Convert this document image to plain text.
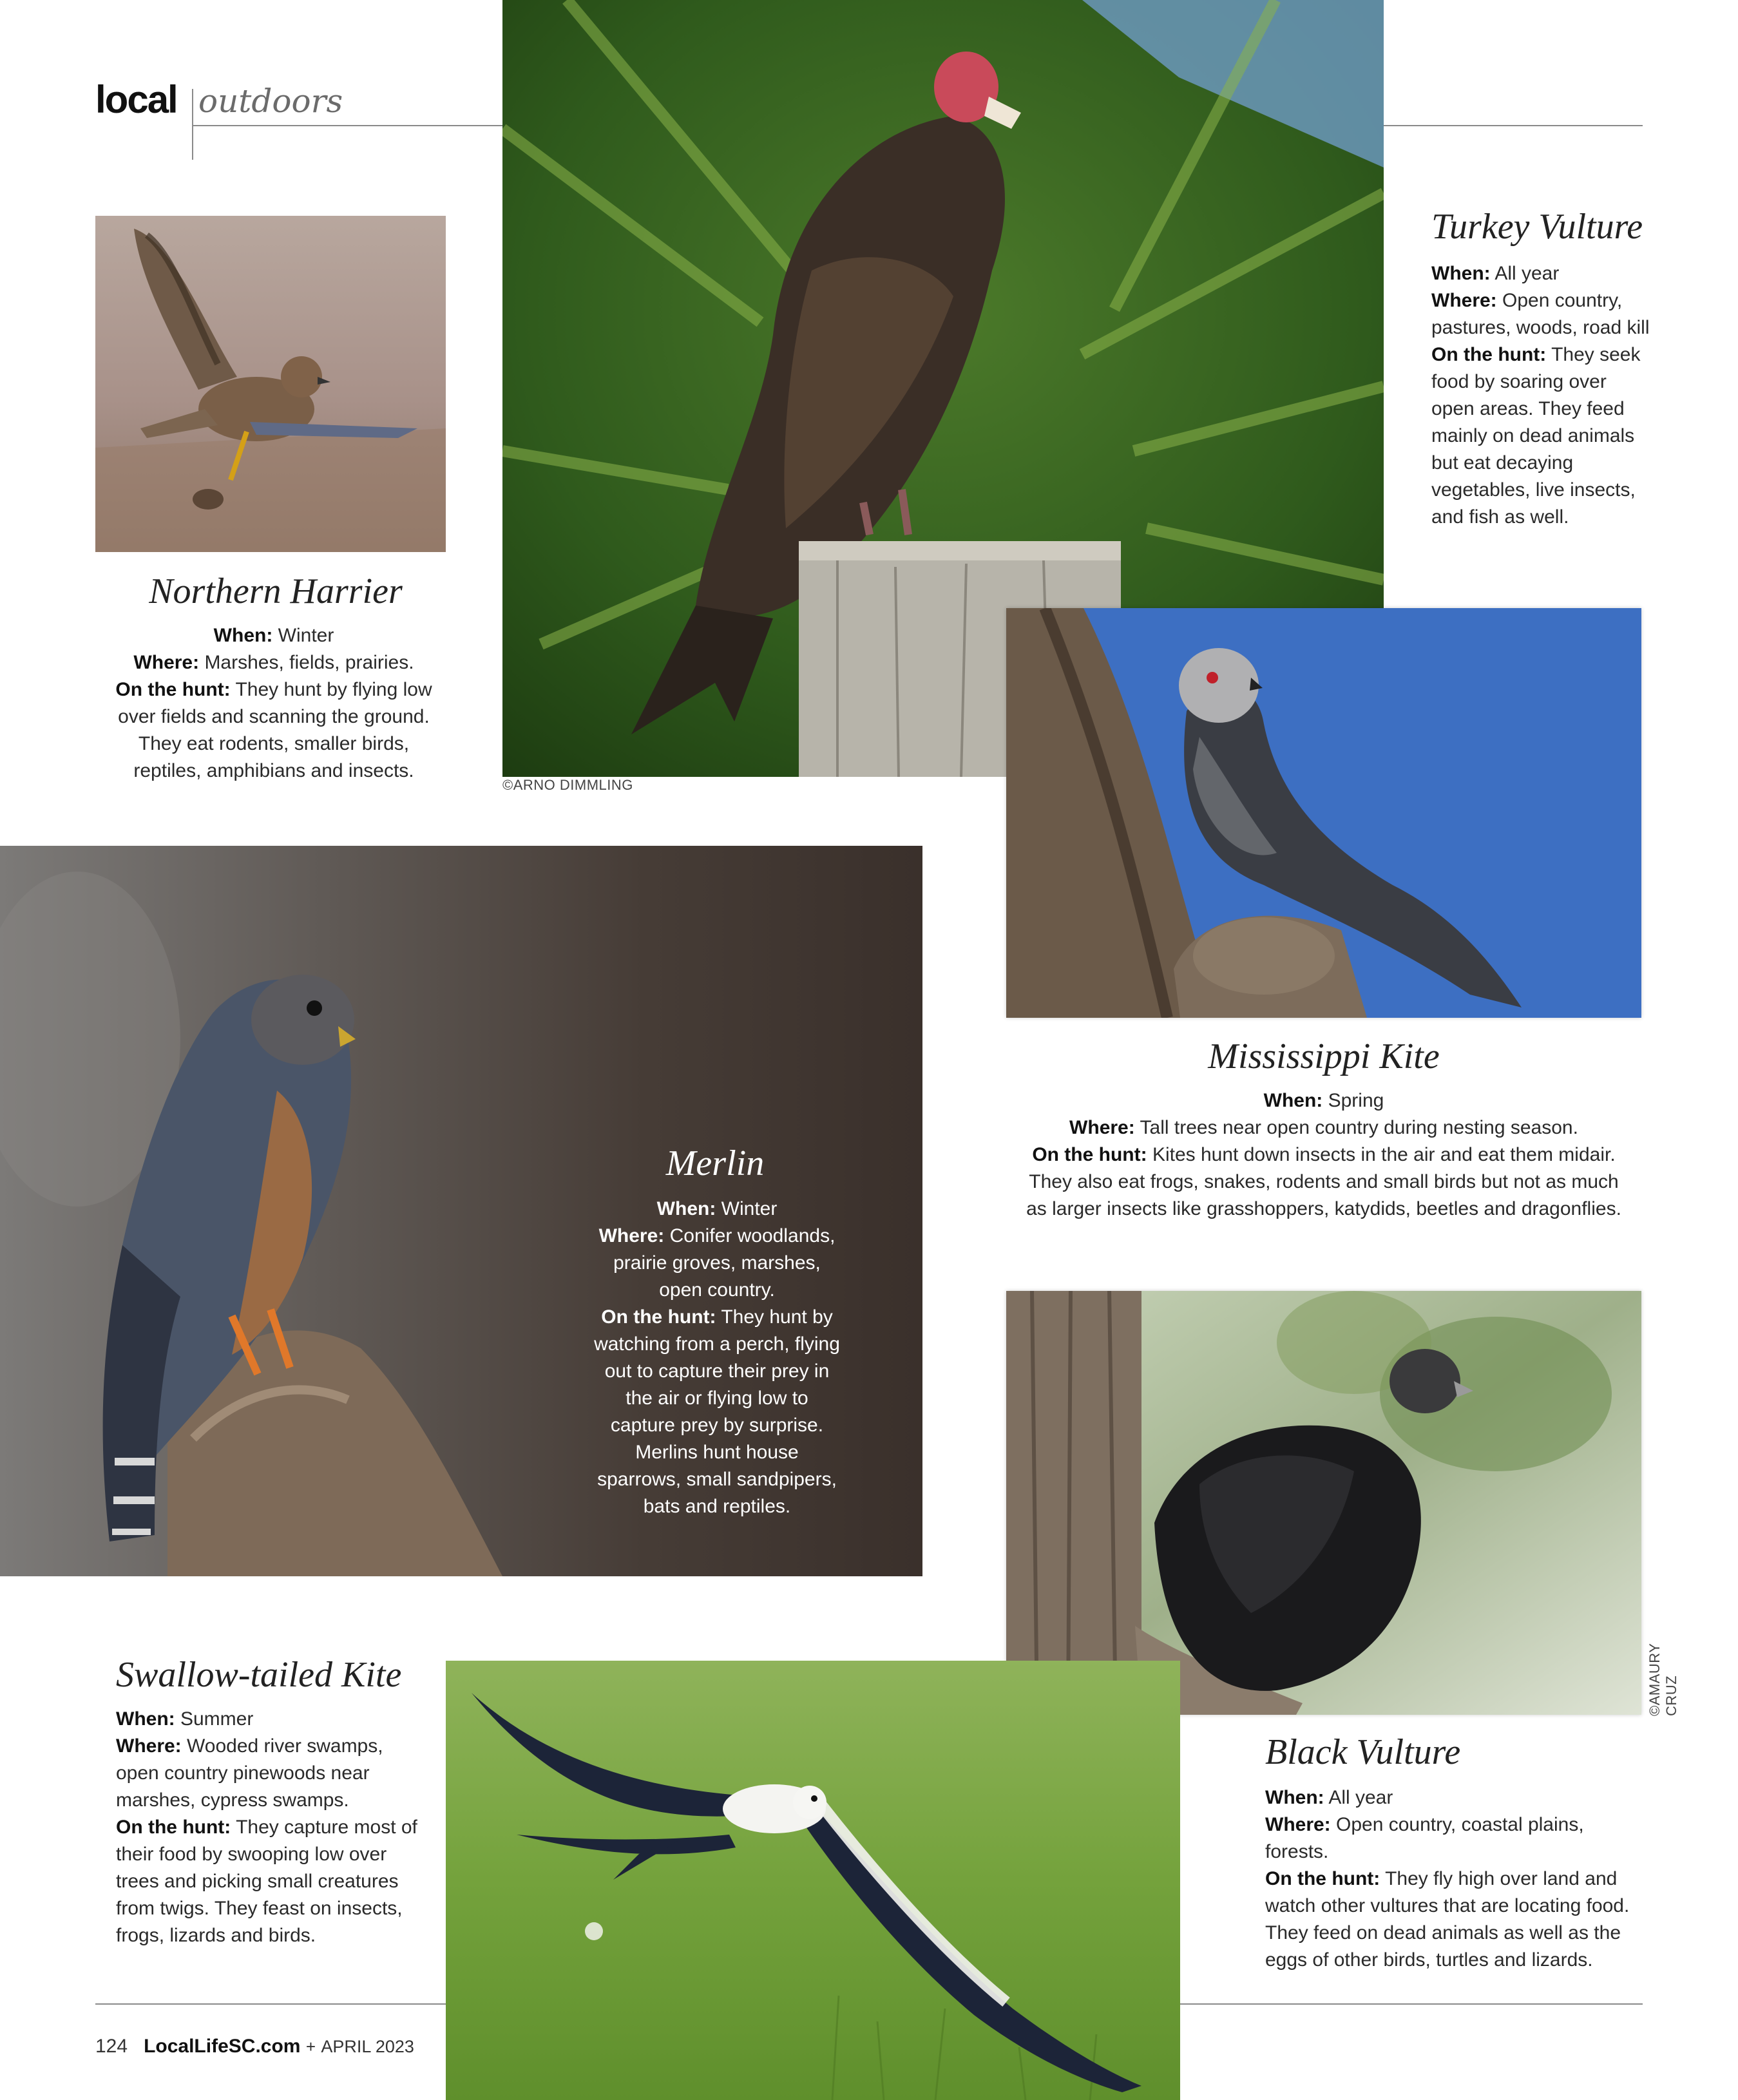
local outdoors
Northern Harrier
When: Winter
Where: Marshes, fields, prairies.
On the hunt: They hunt by flying low over fields and scanning the ground. They eat rodents, smaller birds, reptiles, amphibians and insects.
©ARNO DIMMLING
Turkey Vulture
When: All year
Where: Open country, pastures, woods, road kill
On the hunt: They seek food by soaring over open areas. They feed mainly on dead animals but eat decaying vegetables, live insects, and fish as well.
Mississippi Kite
When: Spring
Where: Tall trees near open country during nesting season.
On the hunt: Kites hunt down insects in the air and eat them midair. They also eat frogs, snakes, rodents and small birds but not as much as larger insects like grasshoppers, katydids, beetles and dragonflies.
Merlin
When: Winter
Where: Conifer woodlands, prairie groves, marshes, open country.
On the hunt: They hunt by watching from a perch, flying out to capture their prey in the air or flying low to capture prey by surprise. Merlins hunt house sparrows, small sandpipers, bats and reptiles.
©AMAURY CRUZ
Black Vulture
When: All year
Where: Open country, coastal plains, forests.
On the hunt: They fly high over land and watch other vultures that are locating food. They feed on dead animals as well as the eggs of other birds, turtles and lizards.
Swallow-tailed Kite
When: Summer
Where: Wooded river swamps, open country pinewoods near marshes, cypress swamps.
On the hunt: They capture most of their food by swooping low over trees and picking small creatures from twigs. They feast on insects, frogs, lizards and birds.
124 LocalLifeSC.com + APRIL 2023
